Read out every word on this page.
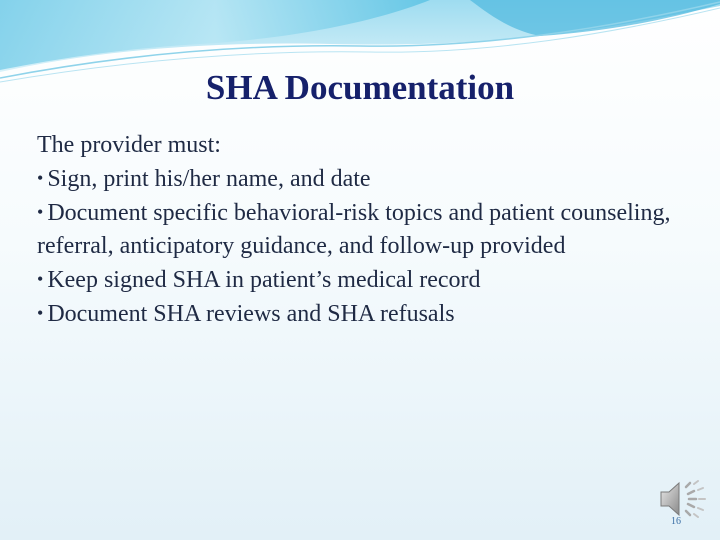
SHA Documentation

The provider must:

• Sign, print his/her name, and date

• Document specific behavioral-risk topics and patient counseling, referral, anticipatory guidance, and follow-up provided

• Keep signed SHA in patient’s medical record

• Document SHA reviews and SHA refusals

16
